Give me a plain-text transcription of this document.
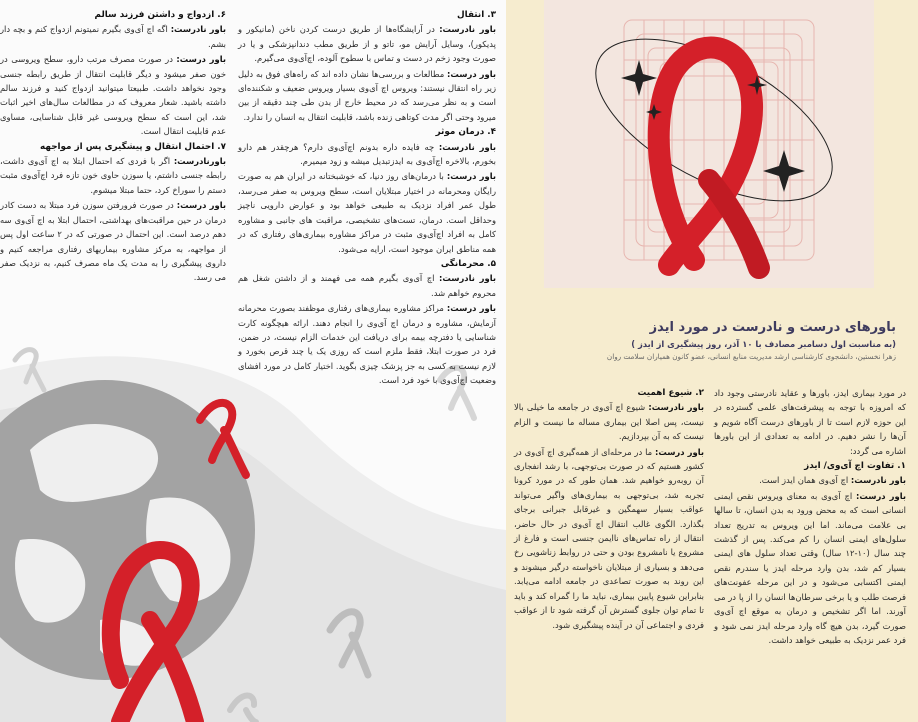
۳. انتقال

باور نادرست: در آرایشگاه‌ها از طریق درست کردن ناخن (مانیکور و پدیکور)، وسایل آرایش مو، تاتو و از طریق مطب دندانپزشکی و یا در صورت وجود زخم در دست و تماس با سطوح آلوده، اچ‌آی‌وی می‌گیرم.

باور درست: مطالعات و بررسی‌ها نشان داده اند که راه‌های فوق به دلیل زیر راه انتقال نیستند: ویروس اچ آی‌وی بسیار ویروس ضعیف و شکننده‌ای است و به نظر می‌رسد که در محیط خارج از بدن طی چند دقیقه از بین میرود وحتی اگر مدت کوتاهی زنده باشد، قابلیت انتقال به انسان را ندارد.

۴. درمان موثر

باور نادرست: چه فایده داره بدونم اچ‌آی‌وی دارم؟ هرچقدر هم دارو بخورم، بالاخره اچ‌آی‌وی به ایدزتبدیل میشه و زود میمیرم.

باور درست: با درمان‌های روز دنیا، که خوشبختانه در ایران هم به صورت رایگان ومحرمانه در اختیار مبتلایان است، سطح ویروس به صفر می‌رسد، طول عمر افراد نزدیک به طبیعی خواهد بود و عوارض دارویی ناچیز وحداقل است. درمان، تست‌های تشخیصی، مراقبت های جانبی و مشاوره کامل به افراد اچ‌آی‌وی مثبت در مراکز مشاوره بیماری‌های رفتاری که در همه مناطق ایران موجود است، ارایه می‌شود.

۵. محرمانگی

باور نادرست: اچ آی‌وی بگیرم همه می فهمند و از داشتن شغل هم محروم خواهم شد.

باور درست: مراکز مشاوره بیماری‌های رفتاری موظفند بصورت محرمانه آزمایش، مشاوره و درمان اچ آی‌وی را انجام دهند. ارائه هیچگونه کارت شناسایی یا دفترچه بیمه برای دریافت این خدمات الزام نیست، در ضمن، فرد در صورت ابتلا، فقط ملزم است که روزی یک یا چند قرص بخورد و لازم نیست به کسی به جز پزشک چیزی بگوید. اختیار کامل در مورد افشای وضعیت اچ‌آی‌وی با خود فرد است.

۶. ازدواج و داشتن فرزند سالم

باور نادرست: اگه اچ آی‌وی بگیرم نمیتونم ازدواج کنم و بچه دار بشم.

باور درست: در صورت مصرف مرتب دارو، سطح ویروسی در خون صفر میشود و دیگر قابلیت انتقال از طریق رابطه جنسی وجود نخواهد داشت. طبیعتا میتوانید ازدواج کنید و فرزند سالم داشته باشید. شعار معروف که در مطالعات سال‌های اخیر اثبات شد، این است که سطح ویروسی غیر قابل شناسایی، مساوی عدم قابلیت انتقال است.

۷. احتمال انتقال و پیشگیری پس از مواجهه

باورنادرست: اگر با فردی که احتمال ابتلا به اچ آی‌وی داشت، رابطه جنسی داشتم، یا سوزن حاوی خون تازه فرد اچ‌آی‌وی مثبت دستم را سوراخ کرد، حتما مبتلا میشوم.

باور درست: در صورت فرورفتن سوزن فرد مبتلا به دست کادر درمان در حین مراقبت‌های بهداشتی، احتمال ابتلا به اچ آی‌وی سه دهم درصد است. این احتمال در صورتی که در ۲ ساعت اول پس از مواجهه، به مرکز مشاوره بیماریهای رفتاری مراجعه کنیم و داروی پیشگیری را به مدت یک ماه مصرف کنیم، به نزدیک صفر می رسد.

باورهای درست و نادرست در مورد ایدز
(به مناسبت اول دسامبر مصادف با ۱۰ آذر، روز پیشگیری از ایدز )
زهرا نخستین، دانشجوی کارشناسی ارشد مدیریت منابع انسانی، عضو کانون همیاران سلامت روان

در مورد بیماری ایدز، باورها و عقاید نادرستی وجود داد که امروزه با توجه به پیشرفت‌های علمی گسترده در این حوزه لازم است تا از باورهای درست آگاه شویم و آن‌ها را نشر دهیم. در ادامه به تعدادی از این باورها اشاره می گردد:

۱. تفاوت اچ آی‌وی/ ایدز

باور نادرست: اچ آی‌وی همان ایدز است.

باور درست: اچ آی‌وی به معنای ویروس نقص ایمنی انسانی است که به محض ورود به بدن انسان، تا سالها بی علامت می‌ماند. اما این ویروس به تدریج تعداد سلول‌های ایمنی انسان را کم می‌کند. پس از گذشت چند سال (۱۰-۱۲ سال) وقتی تعداد سلول های ایمنی بسیار کم شد، بدن وارد مرحله ایدز یا سندرم نقص ایمنی اکتسابی می‌شود و در این مرحله عفونت‌های فرصت طلب و یا برخی سرطان‌ها انسان را از پا در می آورند. اما اگر تشخیص و درمان به موقع اچ آی‌وی صورت گیرد، بدن هیچ گاه وارد مرحله ایدز نمی شود و فرد عمر نزدیک به طبیعی خواهد داشت.

۲. شیوع اهمیت

باور نادرست: شیوع اچ آی‌وی در جامعه ما خیلی بالا نیست، پس اصلا این بیماری مساله ما نیست و الزام نیست که به آن بپردازیم.

باور درست: ما در مرحله‌ای از همه‌گیری اچ آی‌وی در کشور هستیم که در صورت بی‌توجهی، با رشد انفجاری آن روبه‌رو خواهیم شد. همان طور که در مورد کرونا تجربه شد، بی‌توجهی به بیماری‌های واگیر می‌تواند عواقب بسیار سهمگین و غیرقابل جبرانی برجای بگذارد. الگوی غالب انتقال اچ آی‌وی در حال حاضر، انتقال از راه تماس‌های ناایمن جنسی است و فارغ از مشروع یا نامشروع بودن و حتی در روابط زناشویی رخ می‌دهد و بسیاری از مبتلایان ناخواسته درگیر میشوند و این روند به صورت تصاعدی در جامعه ادامه می‌یابد. بنابراین شیوع پایین بیماری، نباید ما را گمراه کند و باید تا تمام توان جلوی گسترش آن گرفته شود تا از عواقب فردی و اجتماعی آن در آینده پیشگیری شود.
